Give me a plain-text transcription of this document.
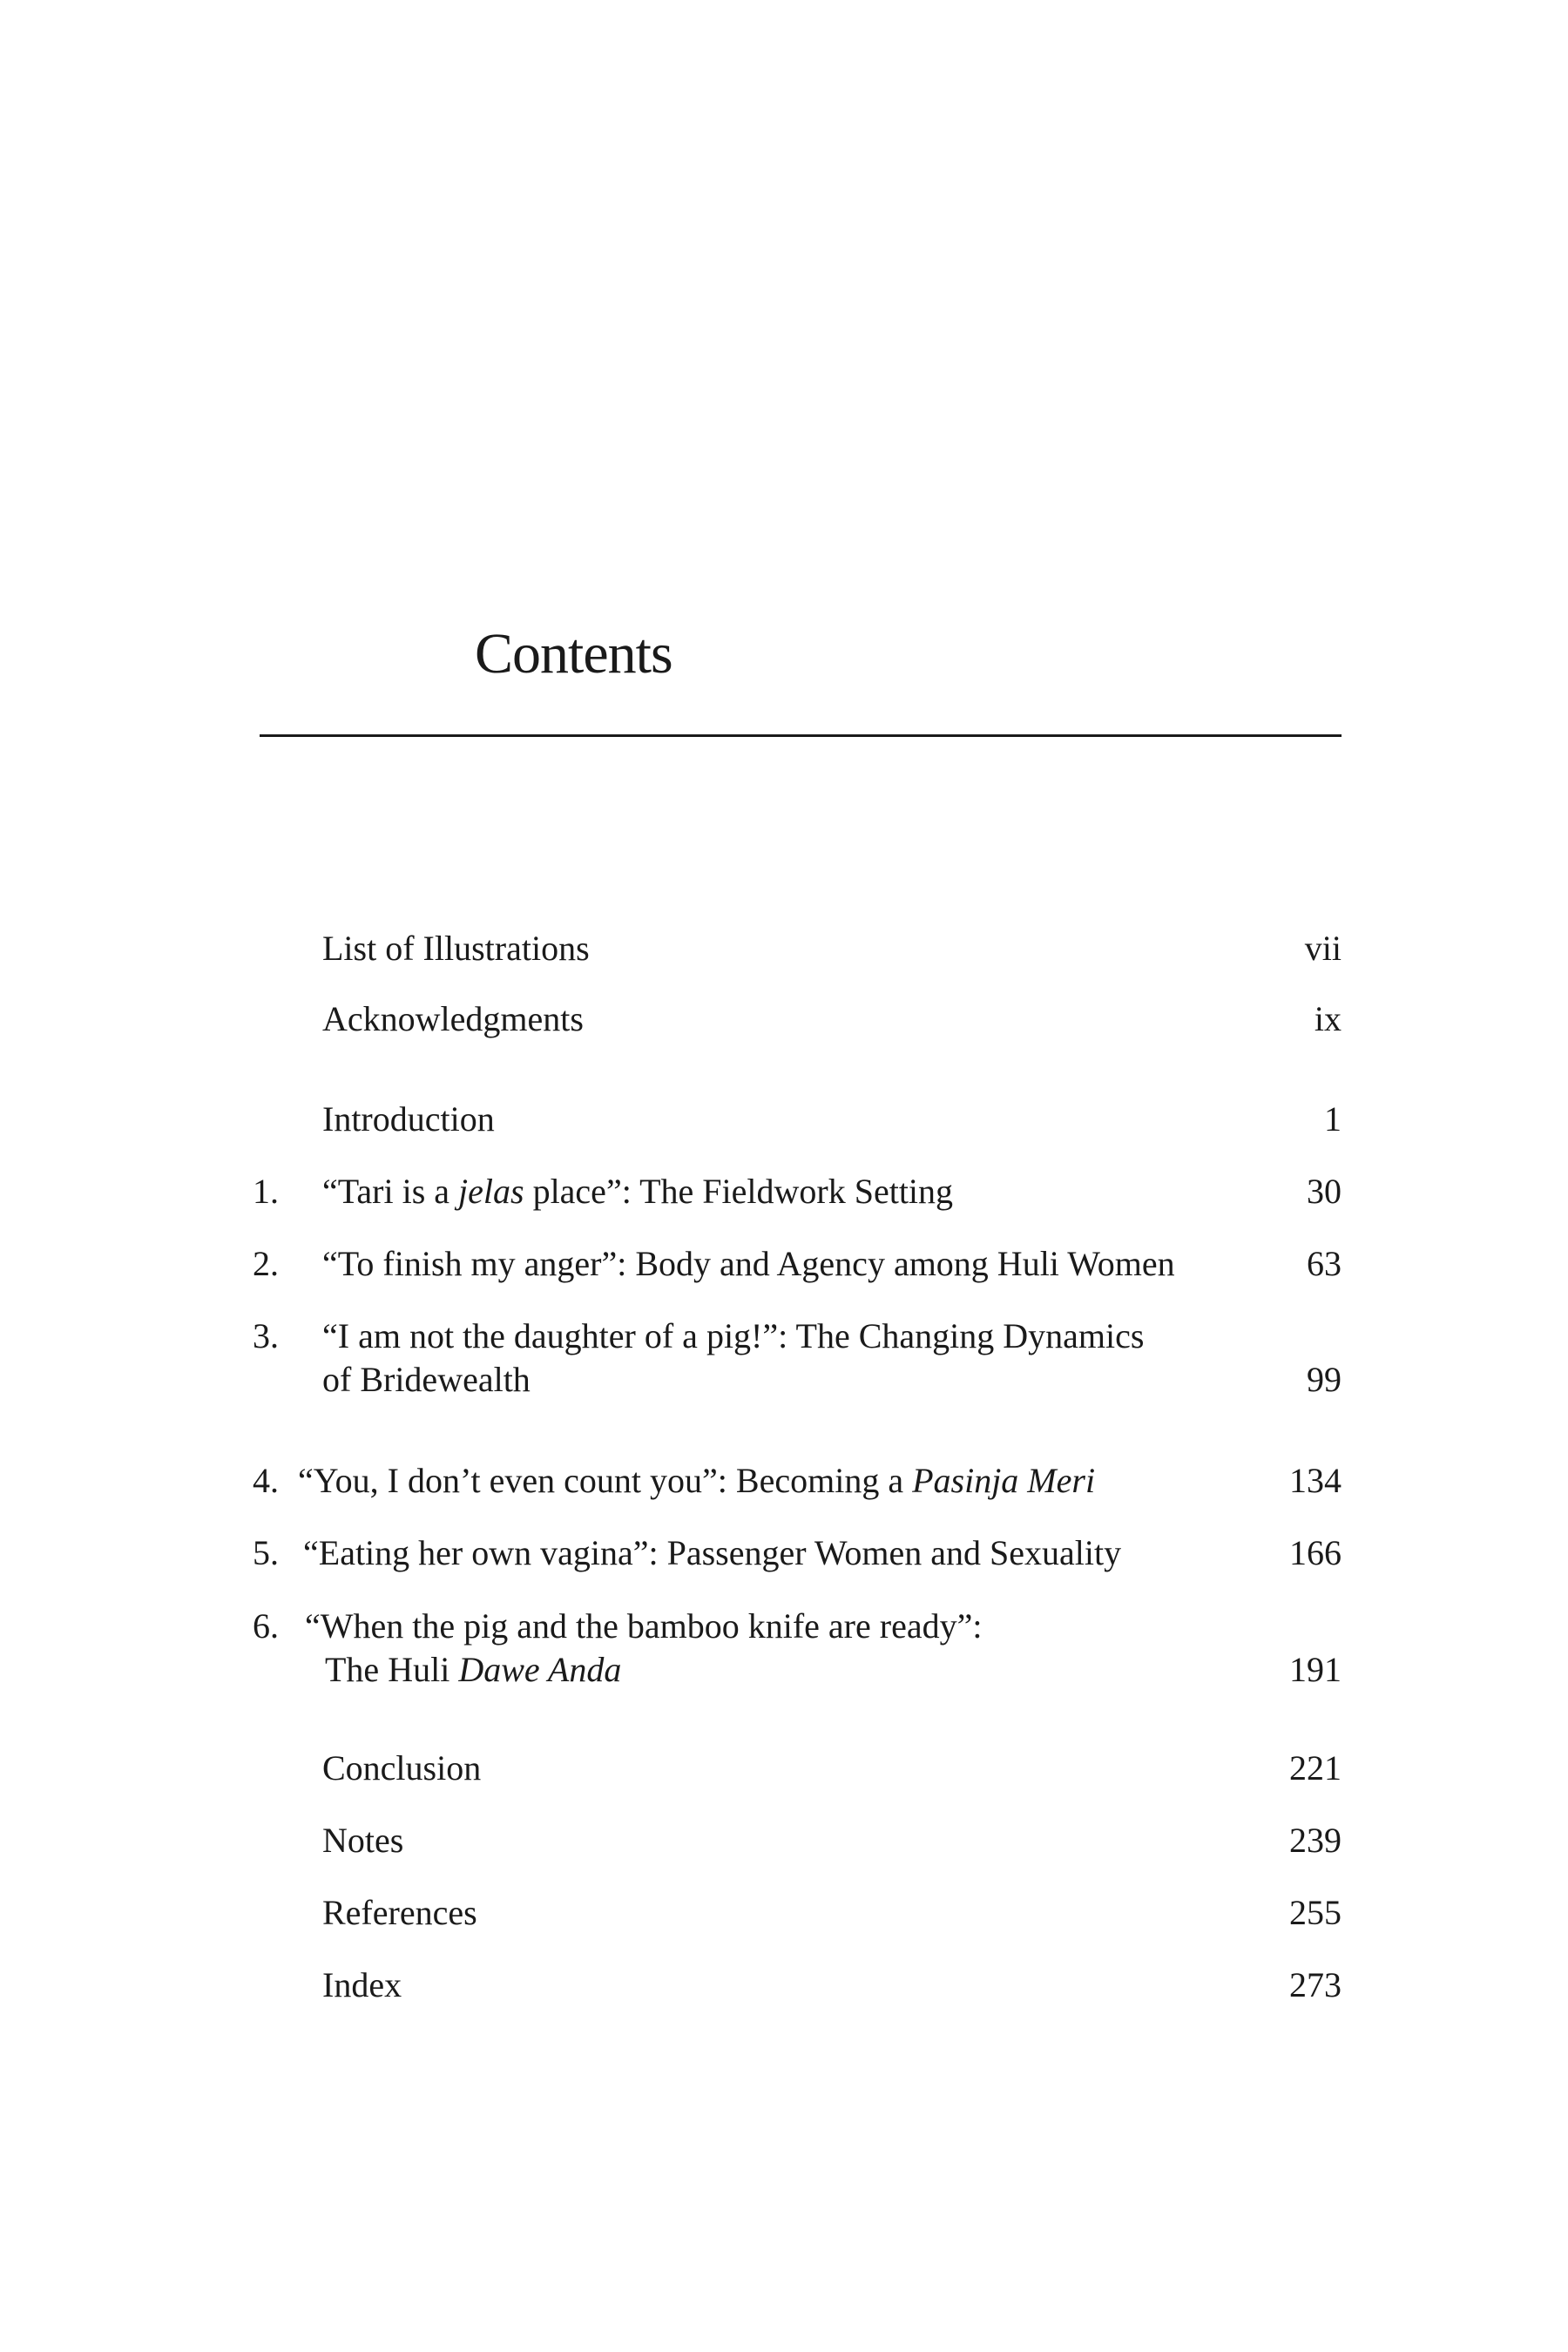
Contents
List of Illustrations	vii
Acknowledgments	ix
Introduction	1
1. “Tari is a jelas place”: The Fieldwork Setting	30
2. “To finish my anger”: Body and Agency among Huli Women	63
3. “I am not the daughter of a pig!”: The Changing Dynamics
of Bridewealth	99
4. “You, I don’t even count you”: Becoming a Pasinja Meri	134
5. “Eating her own vagina”: Passenger Women and Sexuality	166
6. “When the pig and the bamboo knife are ready”:
The Huli Dawe Anda	191
Conclusion	221
Notes	239
References	255
Index	273
